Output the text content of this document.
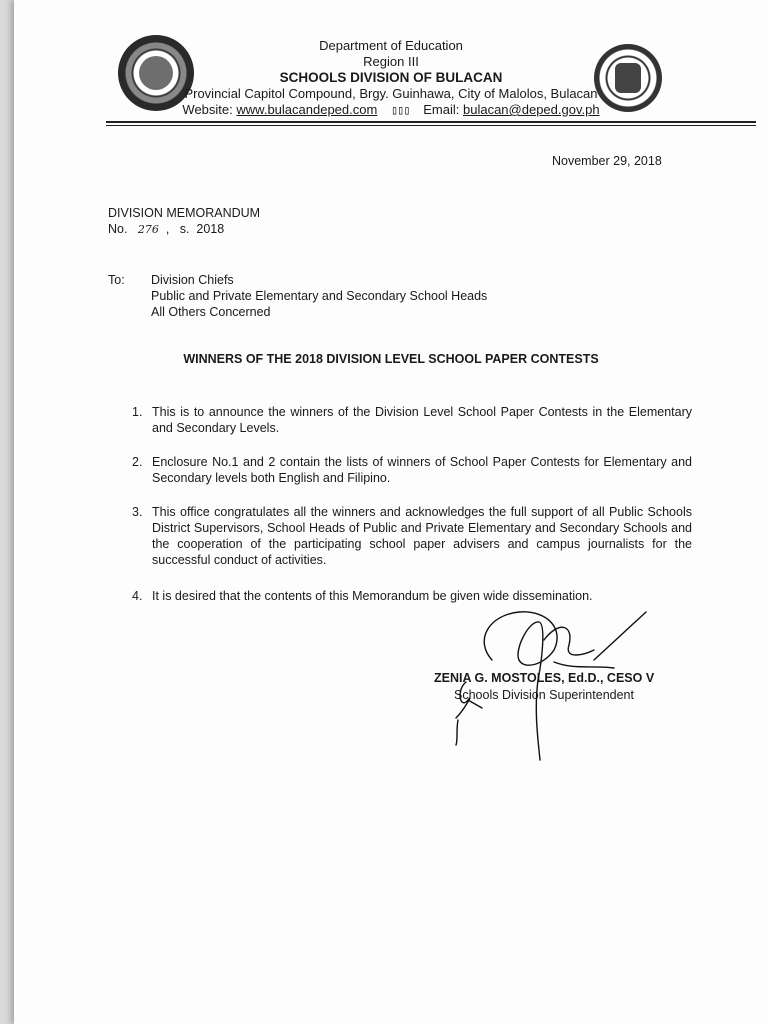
Department of Education
Region III
SCHOOLS DIVISION OF BULACAN
Provincial Capitol Compound, Brgy. Guinhawa, City of Malolos, Bulacan
Website: www.bulacandeped.com ▯▯▯ Email: bulacan@deped.gov.ph
November 29, 2018
DIVISION MEMORANDUM
No. 276 ,   s.  2018
To: Division Chiefs
Public and Private Elementary and Secondary School Heads
All Others Concerned
WINNERS OF THE 2018 DIVISION LEVEL SCHOOL PAPER CONTESTS
1. This is to announce the winners of the Division Level School Paper Contests in the Elementary and Secondary Levels.
2. Enclosure No.1 and 2 contain the lists of winners of School Paper Contests for Elementary and Secondary levels both English and Filipino.
3. This office congratulates all the winners and acknowledges the full support of all Public Schools District Supervisors, School Heads of Public and Private Elementary and Secondary Schools and the cooperation of the participating school paper advisers and campus journalists for the successful conduct of activities.
4. It is desired that the contents of this Memorandum be given wide dissemination.
ZENIA G. MOSTOLES, Ed.D., CESO V
Schools Division Superintendent
